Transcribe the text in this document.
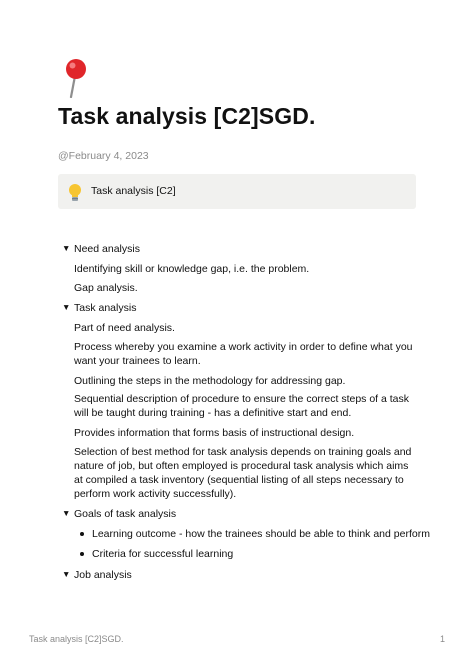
Task analysis [C2]SGD.
@February 4, 2023
Task analysis [C2]
▼ Need analysis
Identifying skill or knowledge gap, i.e. the problem.
Gap analysis.
▼ Task analysis
Part of need analysis.
Process whereby you examine a work activity in order to define what you want your trainees to learn.
Outlining the steps in the methodology for addressing gap.
Sequential description of procedure to ensure the correct steps of a task will be taught during training - has a definitive start and end.
Provides information that forms basis of instructional design.
Selection of best method for task analysis depends on training goals and nature of job, but often employed is procedural task analysis which aims at compiled a task inventory (sequential listing of all steps necessary to perform work activity successfully).
▼ Goals of task analysis
Learning outcome - how the trainees should be able to think and perform
Criteria for successful learning
▼ Job analysis
Task analysis [C2]SGD.	1
